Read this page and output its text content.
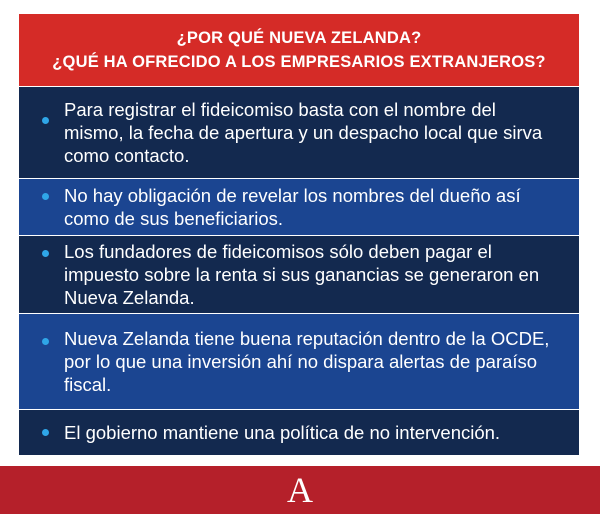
¿POR QUÉ NUEVA ZELANDA?
¿QUÉ HA OFRECIDO A LOS EMPRESARIOS EXTRANJEROS?
Para registrar el fideicomiso basta con el nombre del mismo, la fecha de apertura y un despacho local que sirva como contacto.
No hay obligación de revelar los nombres del dueño así como de sus beneficiarios.
Los fundadores de fideicomisos sólo deben pagar el impuesto sobre la renta si sus ganancias se generaron en Nueva Zelanda.
Nueva Zelanda tiene buena reputación dentro de la OCDE, por lo que una inversión ahí no dispara alertas de paraíso fiscal.
El gobierno mantiene una política de no intervención.
A
